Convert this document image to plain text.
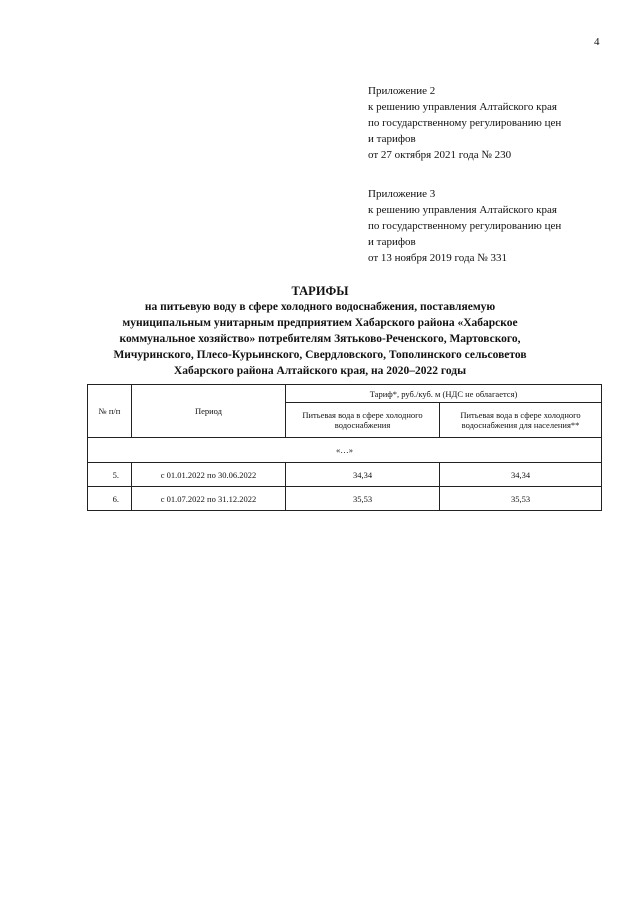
4
Приложение 2
к решению управления Алтайского края
по государственному регулированию цен
и тарифов
от 27 октября 2021 года № 230
Приложение 3
к решению управления Алтайского края
по государственному регулированию цен
и тарифов
от 13 ноября 2019 года № 331
ТАРИФЫ
на питьевую воду в сфере холодного водоснабжения, поставляемую
муниципальным унитарным предприятием Хабарского района «Хабарское
коммунальное хозяйство» потребителям Зятьково-Реченского, Мартовского,
Мичуринского, Плесо-Курьинского, Свердловского, Тополинского сельсоветов
Хабарского района Алтайского края, на 2020–2022 годы
№ п/п	Период	Тариф*, руб./куб. м (НДС не облагается)	
		Питьевая вода в сфере холодного водоснабжения	Питьевая вода в сфере холодного водоснабжения для населения**
«…»			
5.	с 01.01.2022 по 30.06.2022	34,34	34,34
6.	с 01.07.2022 по 31.12.2022	35,53	35,53
